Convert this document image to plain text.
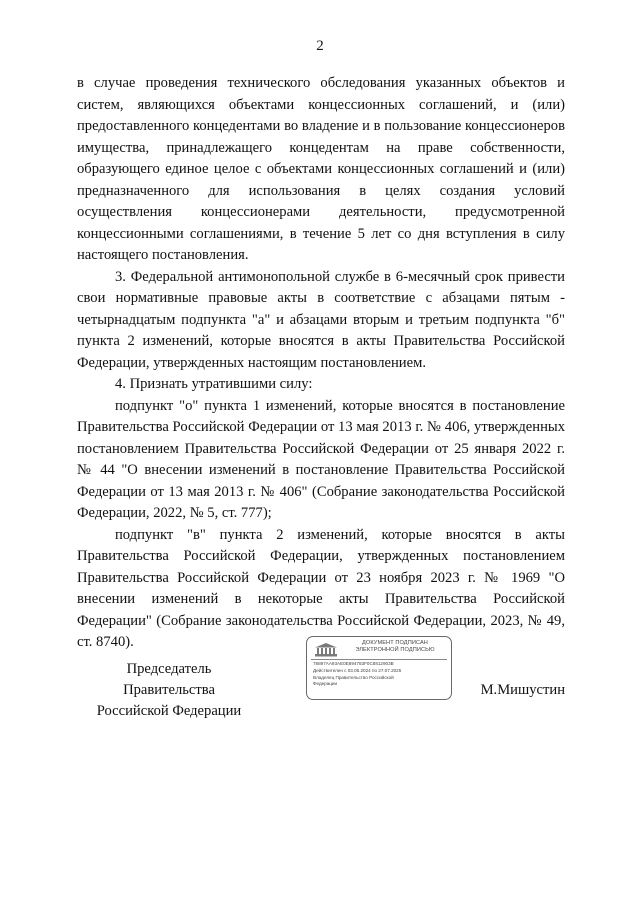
2

в случае проведения технического обследования указанных объектов и систем, являющихся объектами концессионных соглашений, и (или) предоставленного концедентами во владение и в пользование концессионеров имущества, принадлежащего концедентам на праве собственности, образующего единое целое с объектами концессионных соглашений и (или) предназначенного для использования в целях создания условий осуществления концессионерами деятельности, предусмотренной концессионными соглашениями, в течение 5 лет со дня вступления в силу настоящего постановления.

3. Федеральной антимонопольной службе в 6-месячный срок привести свои нормативные правовые акты в соответствие с абзацами пятым - четырнадцатым подпункта "а" и абзацами вторым и третьим подпункта "б" пункта 2 изменений, которые вносятся в акты Правительства Российской Федерации, утвержденных настоящим постановлением.

4. Признать утратившими силу:

подпункт "о" пункта 1 изменений, которые вносятся в постановление Правительства Российской Федерации от 13 мая 2013 г. № 406, утвержденных постановлением Правительства Российской Федерации от 25 января 2022 г. № 44 "О внесении изменений в постановление Правительства Российской Федерации от 13 мая 2013 г. № 406" (Собрание законодательства Российской Федерации, 2022, № 5, ст. 777);

подпункт "в" пункта 2 изменений, которые вносятся в акты Правительства Российской Федерации, утвержденных постановлением Правительства Российской Федерации от 23 ноября 2023 г. № 1969 "О внесении изменений в некоторые акты Правительства Российской Федерации" (Собрание законодательства Российской Федерации, 2023, № 49, ст. 8740).

Председатель Правительства
Российской Федерации
ДОКУМЕНТ ПОДПИСАН
ЭЛЕКТРОННОЙ ПОДПИСЬЮ
78897AA93AE0E894783F0C8812903B
Действителен с 03.05.2024 по 27.07.2025
Владелец Правительство Российской
Федерации	М.Мишустин
